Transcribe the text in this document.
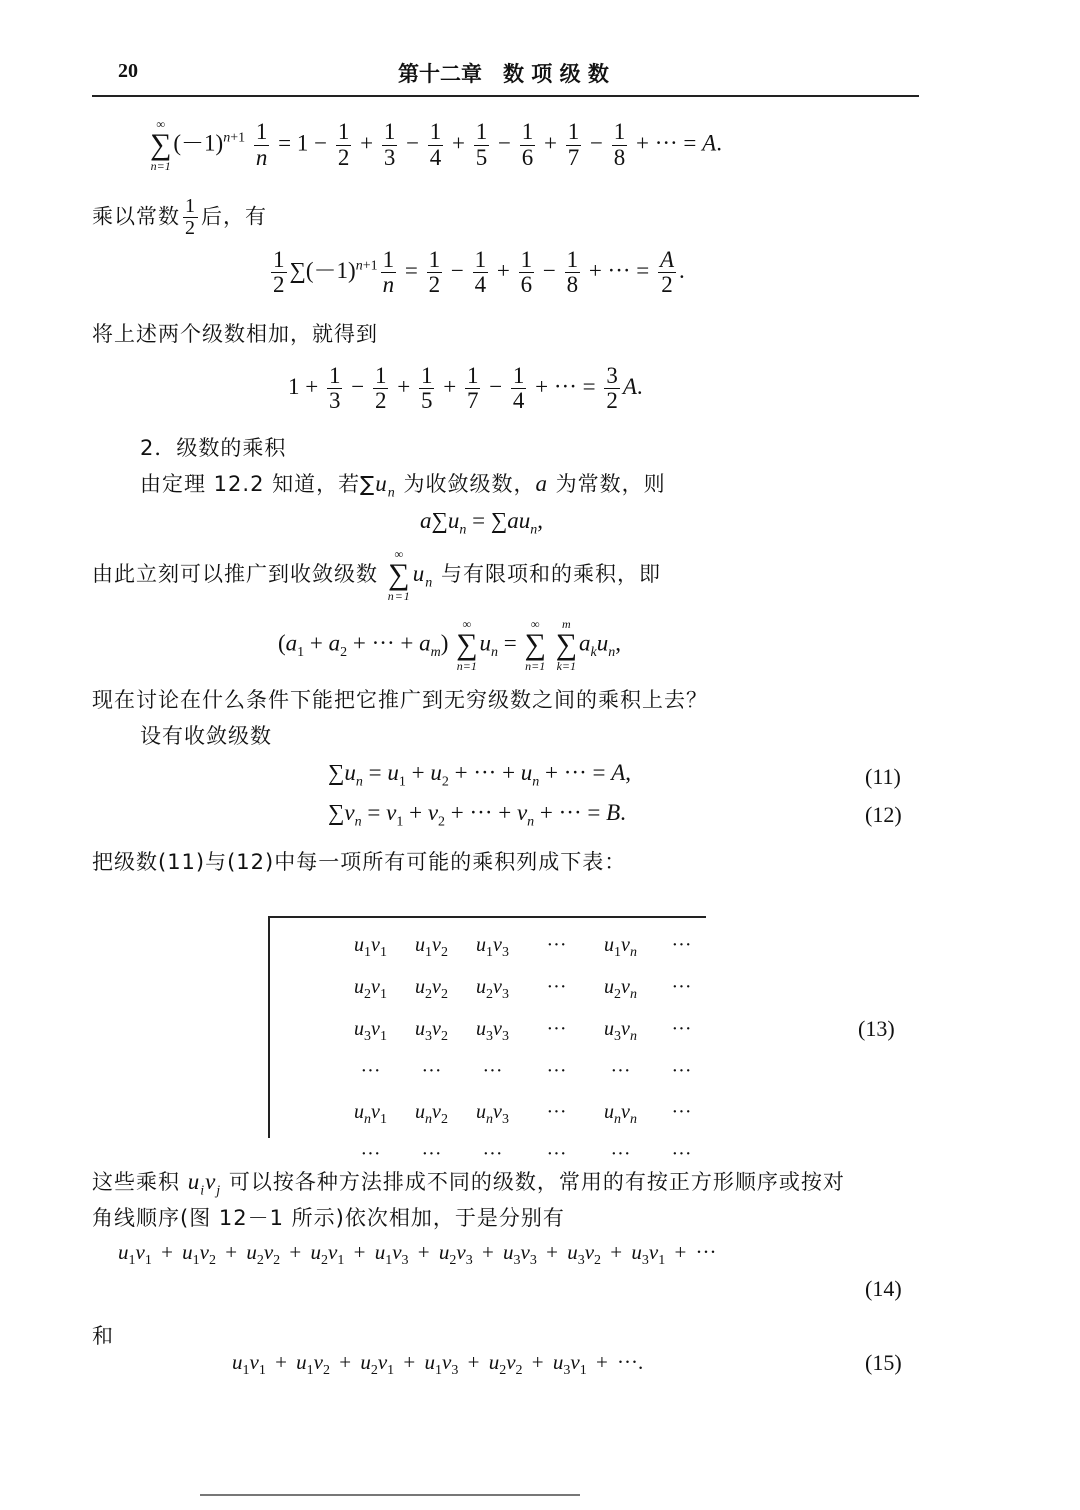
20	第十二章　数 项 级 数
∞
∑
n=1
$(-1)^{n+1} \frac{1}{n} = 1 - \frac{1}{2} + \frac{1}{3} - \frac{1}{4} + \frac{1}{5} - \frac{1}{6} + \frac{1}{7} - \frac{1}{8}$ + ··· = A.
乘以常数 $\frac{1}{2}$ 后，有
$\frac{1}{2} \sum(-1)^{n+1} \frac{1}{n} = \frac{1}{2} - \frac{1}{4} + \frac{1}{6} - \frac{1}{8}$ + ··· = $\frac{A}{2}$ .
将上述两个级数相加，就得到
$1 + \frac{1}{3} - \frac{1}{2} + \frac{1}{5} + \frac{1}{7} - \frac{1}{4}$ + ··· = $\frac{3}{2} A$.
2．级数的乘积
由定理 12.2 知道，若$\sum u_n$ 为收敛级数，a 为常数，则
$a\sum u_n = \sum au_n$,
由此立刻可以推广到收敛级数
∞
∑
n=1
$u_n$ 与有限项和的乘积，即
($a_1 + a_2$ + ··· + $a_m$)
∞
∑
n=1
$u_n$ =
∞
∑
n=1

m
∑
k=1
$a_ku_n$,
现在讨论在什么条件下能把它推广到无穷级数之间的乘积上去？
设有收敛级数
$\sum u_n = u_1 + u_2$ + ··· + $u_n$ + ··· = A,	(11)
$\sum v_n = v_1 + v_2$ + ··· + $v_n$ + ··· = B.	(12)
把级数(11)与(12)中每一项所有可能的乘积列成下表：
$u_1v_1$ $u_1v_2$ $u_1v_3$ ··· $u_1v_n$ ···
$u_2v_1$ $u_2v_2$ $u_2v_3$ ··· $u_2v_n$ ···
$u_3v_1$ $u_3v_2$ $u_3v_3$ ··· $u_3v_n$ ···
··· ··· ··· ··· ··· ···
$u_nv_1$ $u_nv_2$ $u_nv_3$ ··· $u_nv_n$ ···
··· ··· ··· ··· ··· ···
(13)
这些乘积 $u_iv_j$ 可以按各种方法排成不同的级数，常用的有按正方形顺序或按对
角线顺序(图 12－1 所示)依次相加，于是分别有
$u_1v_1 + u_1v_2 + u_2v_2 + u_2v_1 + u_1v_3 + u_2v_3 + u_3v_3 + u_3v_2 + u_3v_1$ + ···
(14)
和
$u_1v_1 + u_1v_2 + u_2v_1 + u_1v_3 + u_2v_2 + u_3v_1$ + ···.	(15)
